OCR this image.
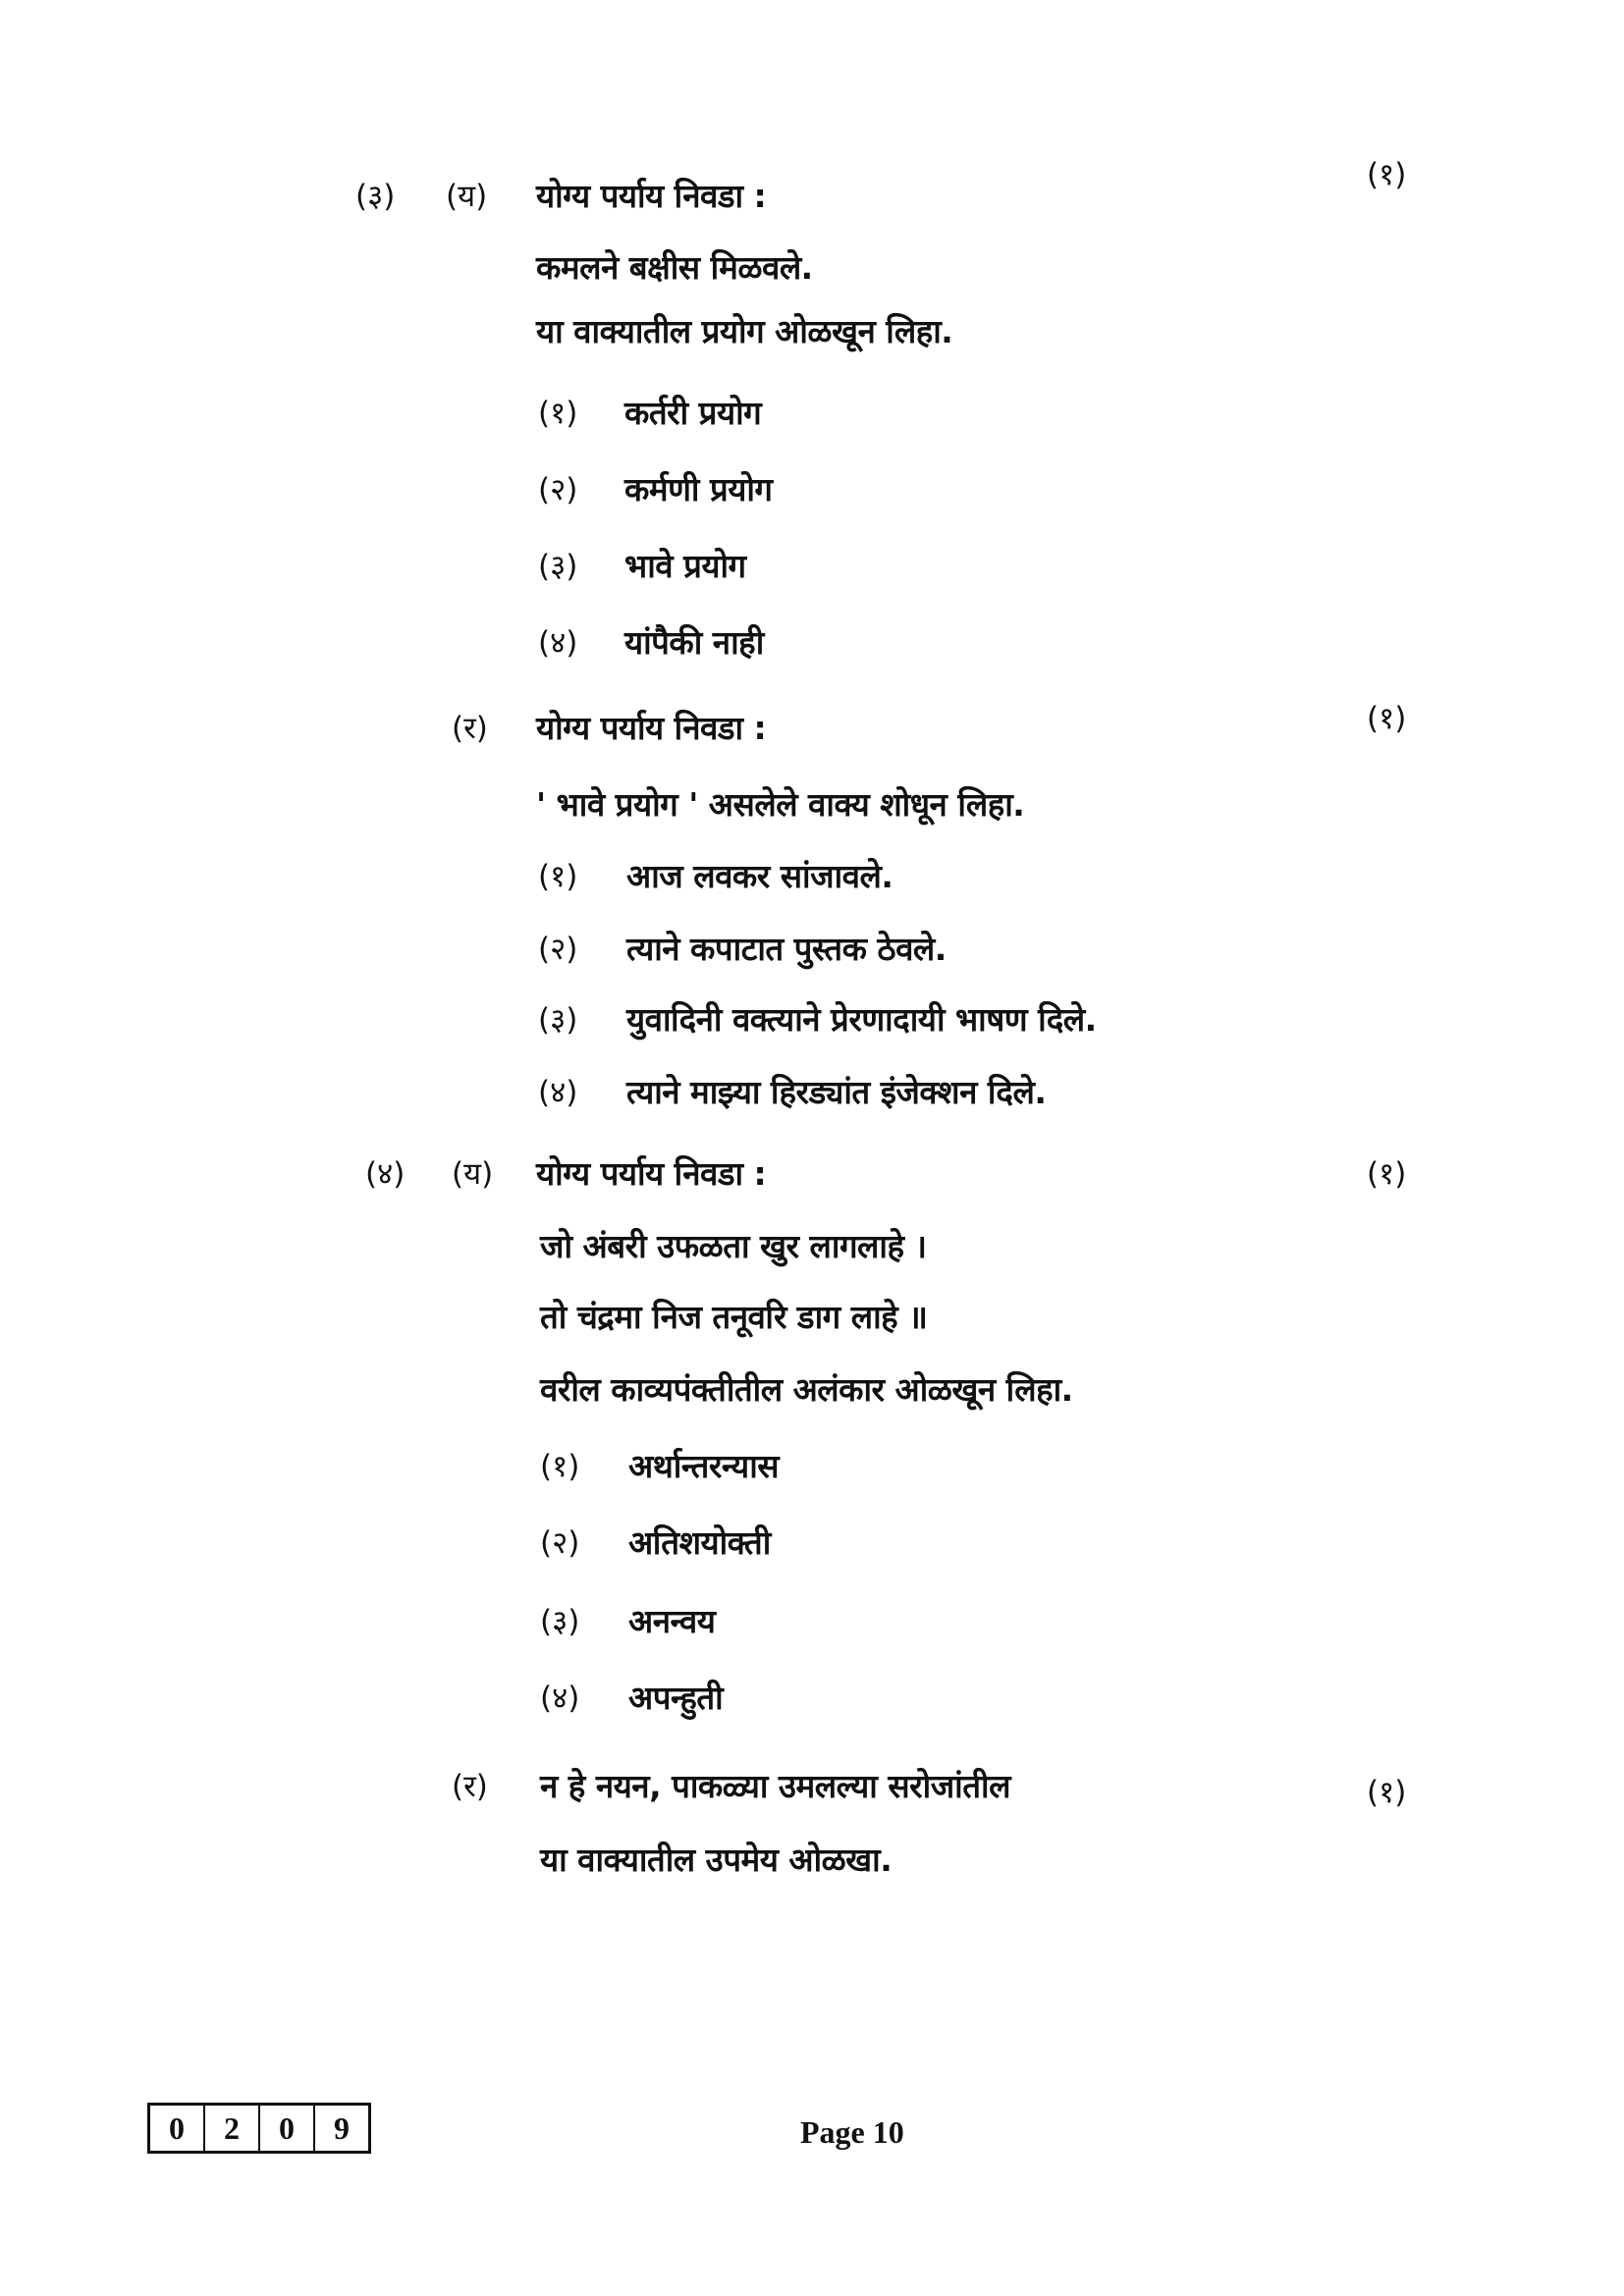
(३) (य) योग्य पर्याय निवडा :
(१)
कमलने बक्षीस मिळवले.
या वाक्यातील प्रयोग ओळखून लिहा.
(१) कर्तरी प्रयोग
(२) कर्मणी प्रयोग
(३) भावे प्रयोग
(४) यांपैकी नाही
(र) योग्य पर्याय निवडा :	(१)
' भावे प्रयोग ' असलेले वाक्य शोधून लिहा.
(१) आज लवकर सांजावले.
(२) त्याने कपाटात पुस्तक ठेवले.
(३) युवादिनी वक्त्याने प्रेरणादायी भाषण दिले.
(४) त्याने माझ्या हिरड्यांत इंजेक्शन दिले.
(४) (य) योग्य पर्याय निवडा :	(१)
जो अंबरी उफळता खुर लागलाहे ।
तो चंद्रमा निज तनूवरि डाग लाहे ॥
वरील काव्यपंक्तीतील अलंकार ओळखून लिहा.
(१) अर्थान्तरन्यास
(२) अतिशयोक्ती
(३) अनन्वय
(४) अपन्हुती
(र) न हे नयन, पाकळ्या उमलल्या सरोजांतील	(१)
या वाक्यातील उपमेय ओळखा.
0	2	0	9	Page 10
